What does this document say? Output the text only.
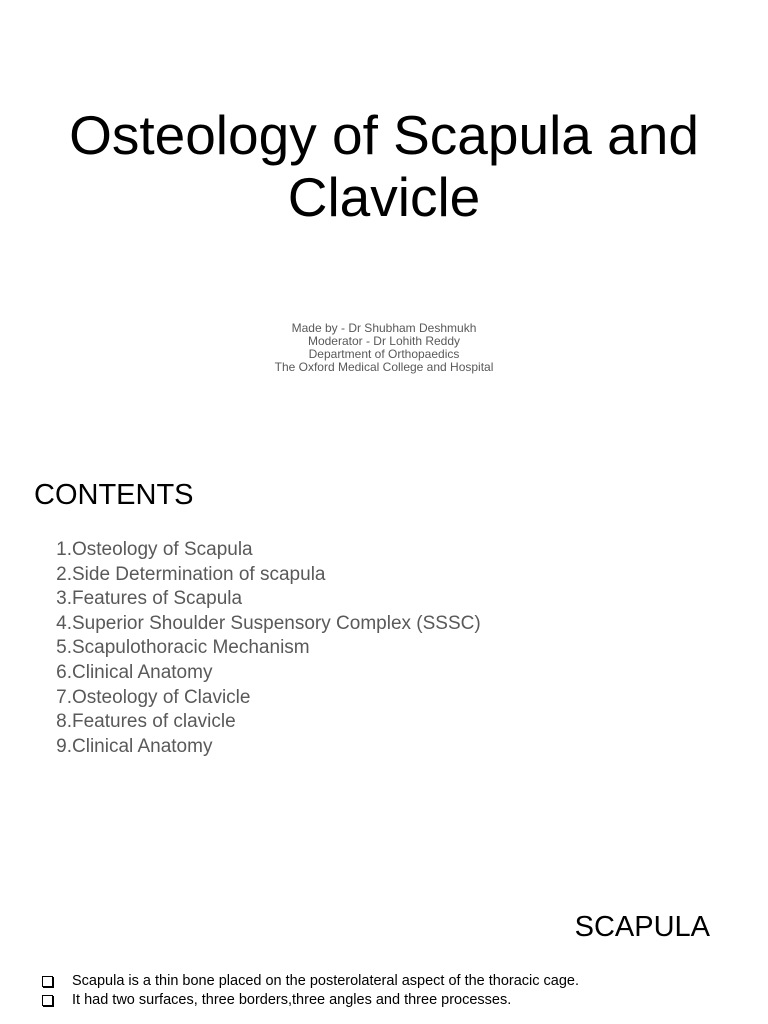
Osteology of Scapula and
Clavicle
Made by - Dr Shubham Deshmukh
Moderator - Dr Lohith Reddy
Department of Orthopaedics
The Oxford Medical College and Hospital
CONTENTS
1. Osteology of Scapula
2. Side Determination of scapula
3. Features of Scapula
4. Superior Shoulder Suspensory Complex (SSSC)
5. Scapulothoracic Mechanism
6. Clinical Anatomy
7. Osteology of Clavicle
8. Features of clavicle
9. Clinical Anatomy
SCAPULA
Scapula is a thin bone placed on the posterolateral aspect of the thoracic cage.
It had two surfaces, three borders,three angles and three processes.
